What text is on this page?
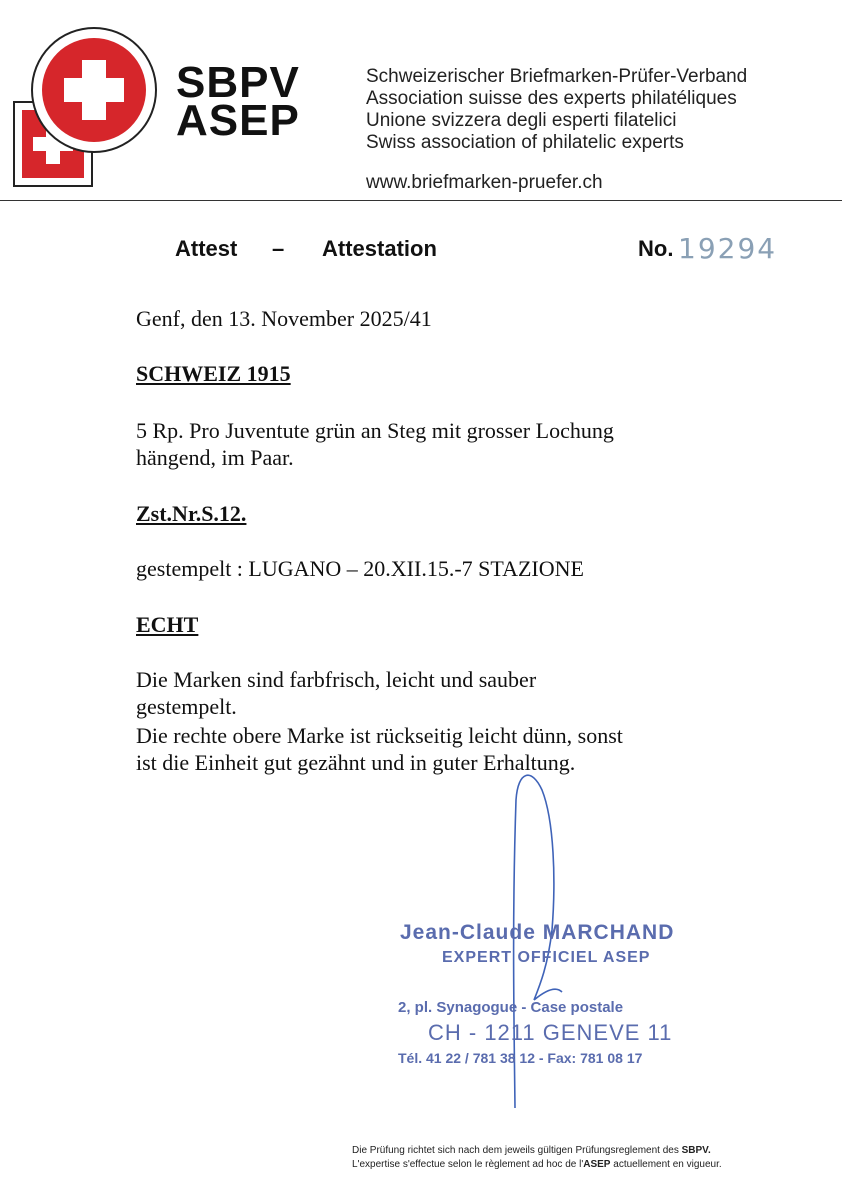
SBPV
ASEP
Schweizerischer Briefmarken-Prüfer-Verband
Association suisse des experts philatéliques
Unione svizzera degli esperti filatelici
Swiss association of philatelic experts
www.briefmarken-pruefer.ch
Attest – Attestation	No. 19294
Genf, den 13. November 2025/41
SCHWEIZ 1915
5 Rp. Pro Juventute grün an Steg mit grosser Lochung
hängend, im Paar.
Zst.Nr.S.12.
gestempelt : LUGANO – 20.XII.15.-7 STAZIONE
ECHT
Die Marken sind farbfrisch, leicht und sauber
gestempelt.
Die rechte obere Marke ist rückseitig leicht dünn, sonst
ist die Einheit gut gezähnt und in guter Erhaltung.
Jean-Claude MARCHAND
EXPERT OFFICIEL ASEP
2, pl. Synagogue - Case postale
CH - 1211 GENEVE 11
Tél. 41 22 / 781 38 12 - Fax: 781 08 17
Die Prüfung richtet sich nach dem jeweils gültigen Prüfungsreglement des SBPV.
L'expertise s'effectue selon le règlement ad hoc de l'ASEP actuellement en vigueur.
